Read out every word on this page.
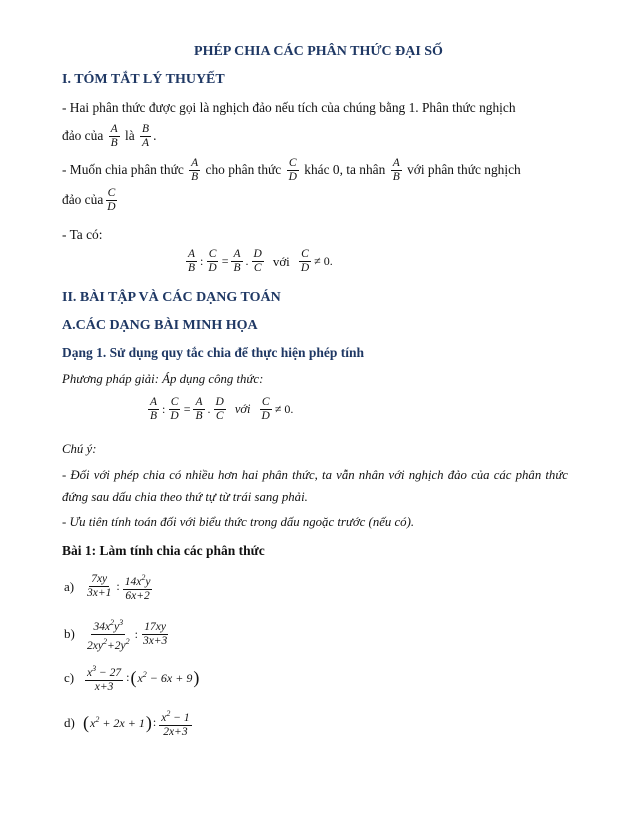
PHÉP CHIA CÁC PHÂN THỨC ĐẠI SỐ
I. TÓM TẮT LÝ THUYẾT
- Hai phân thức được gọi là nghịch đảo nếu tích của chúng bằng 1. Phân thức nghịch
đảo của $\frac{A}{B}$ là $\frac{B}{A}$ .
- Muốn chia phân thức $\frac{A}{B}$ cho phân thức $\frac{C}{D}$ khác 0, ta nhân $\frac{A}{B}$ với phân thức nghịch
đảo của $\frac{C}{D}$
- Ta có:
$\frac{A}{B}$ : $\frac{C}{D} = \frac{A}{B}$ . $\frac{D}{C}$ với $\frac{C}{D} \ne 0$.
II. BÀI TẬP VÀ CÁC DẠNG TOÁN
A.CÁC DẠNG BÀI MINH HỌA
Dạng 1. Sử dụng quy tắc chia để thực hiện phép tính
Phương pháp giải: Áp dụng công thức:
$\frac{A}{B}$ : $\frac{C}{D} = \frac{A}{B}$ . $\frac{D}{C}$ với $\frac{C}{D} \ne 0$.
Chú ý:
- Đối với phép chia có nhiều hơn hai phân thức, ta vẫn nhân với nghịch đảo của các phân thức đứng sau dấu chia theo thứ tự từ trái sang phải.
- Ưu tiên tính toán đối với biểu thức trong dấu ngoặc trước (nếu có).
Bài 1: Làm tính chia các phân thức
$a) \frac{7xy}{3x+1}$ : $\frac{14x^2y}{6x+2}$
$b) \frac{34x^2y^3}{2xy^2+2y^2}$ : $\frac{17xy}{3x+3}$
$c) \frac{x^3 - 27}{x+3}$ $:(x^2 - 6x + 9)$
d) $(x^2 + 2x + 1)$: $\frac{x^2 - 1}{2x+3}$
